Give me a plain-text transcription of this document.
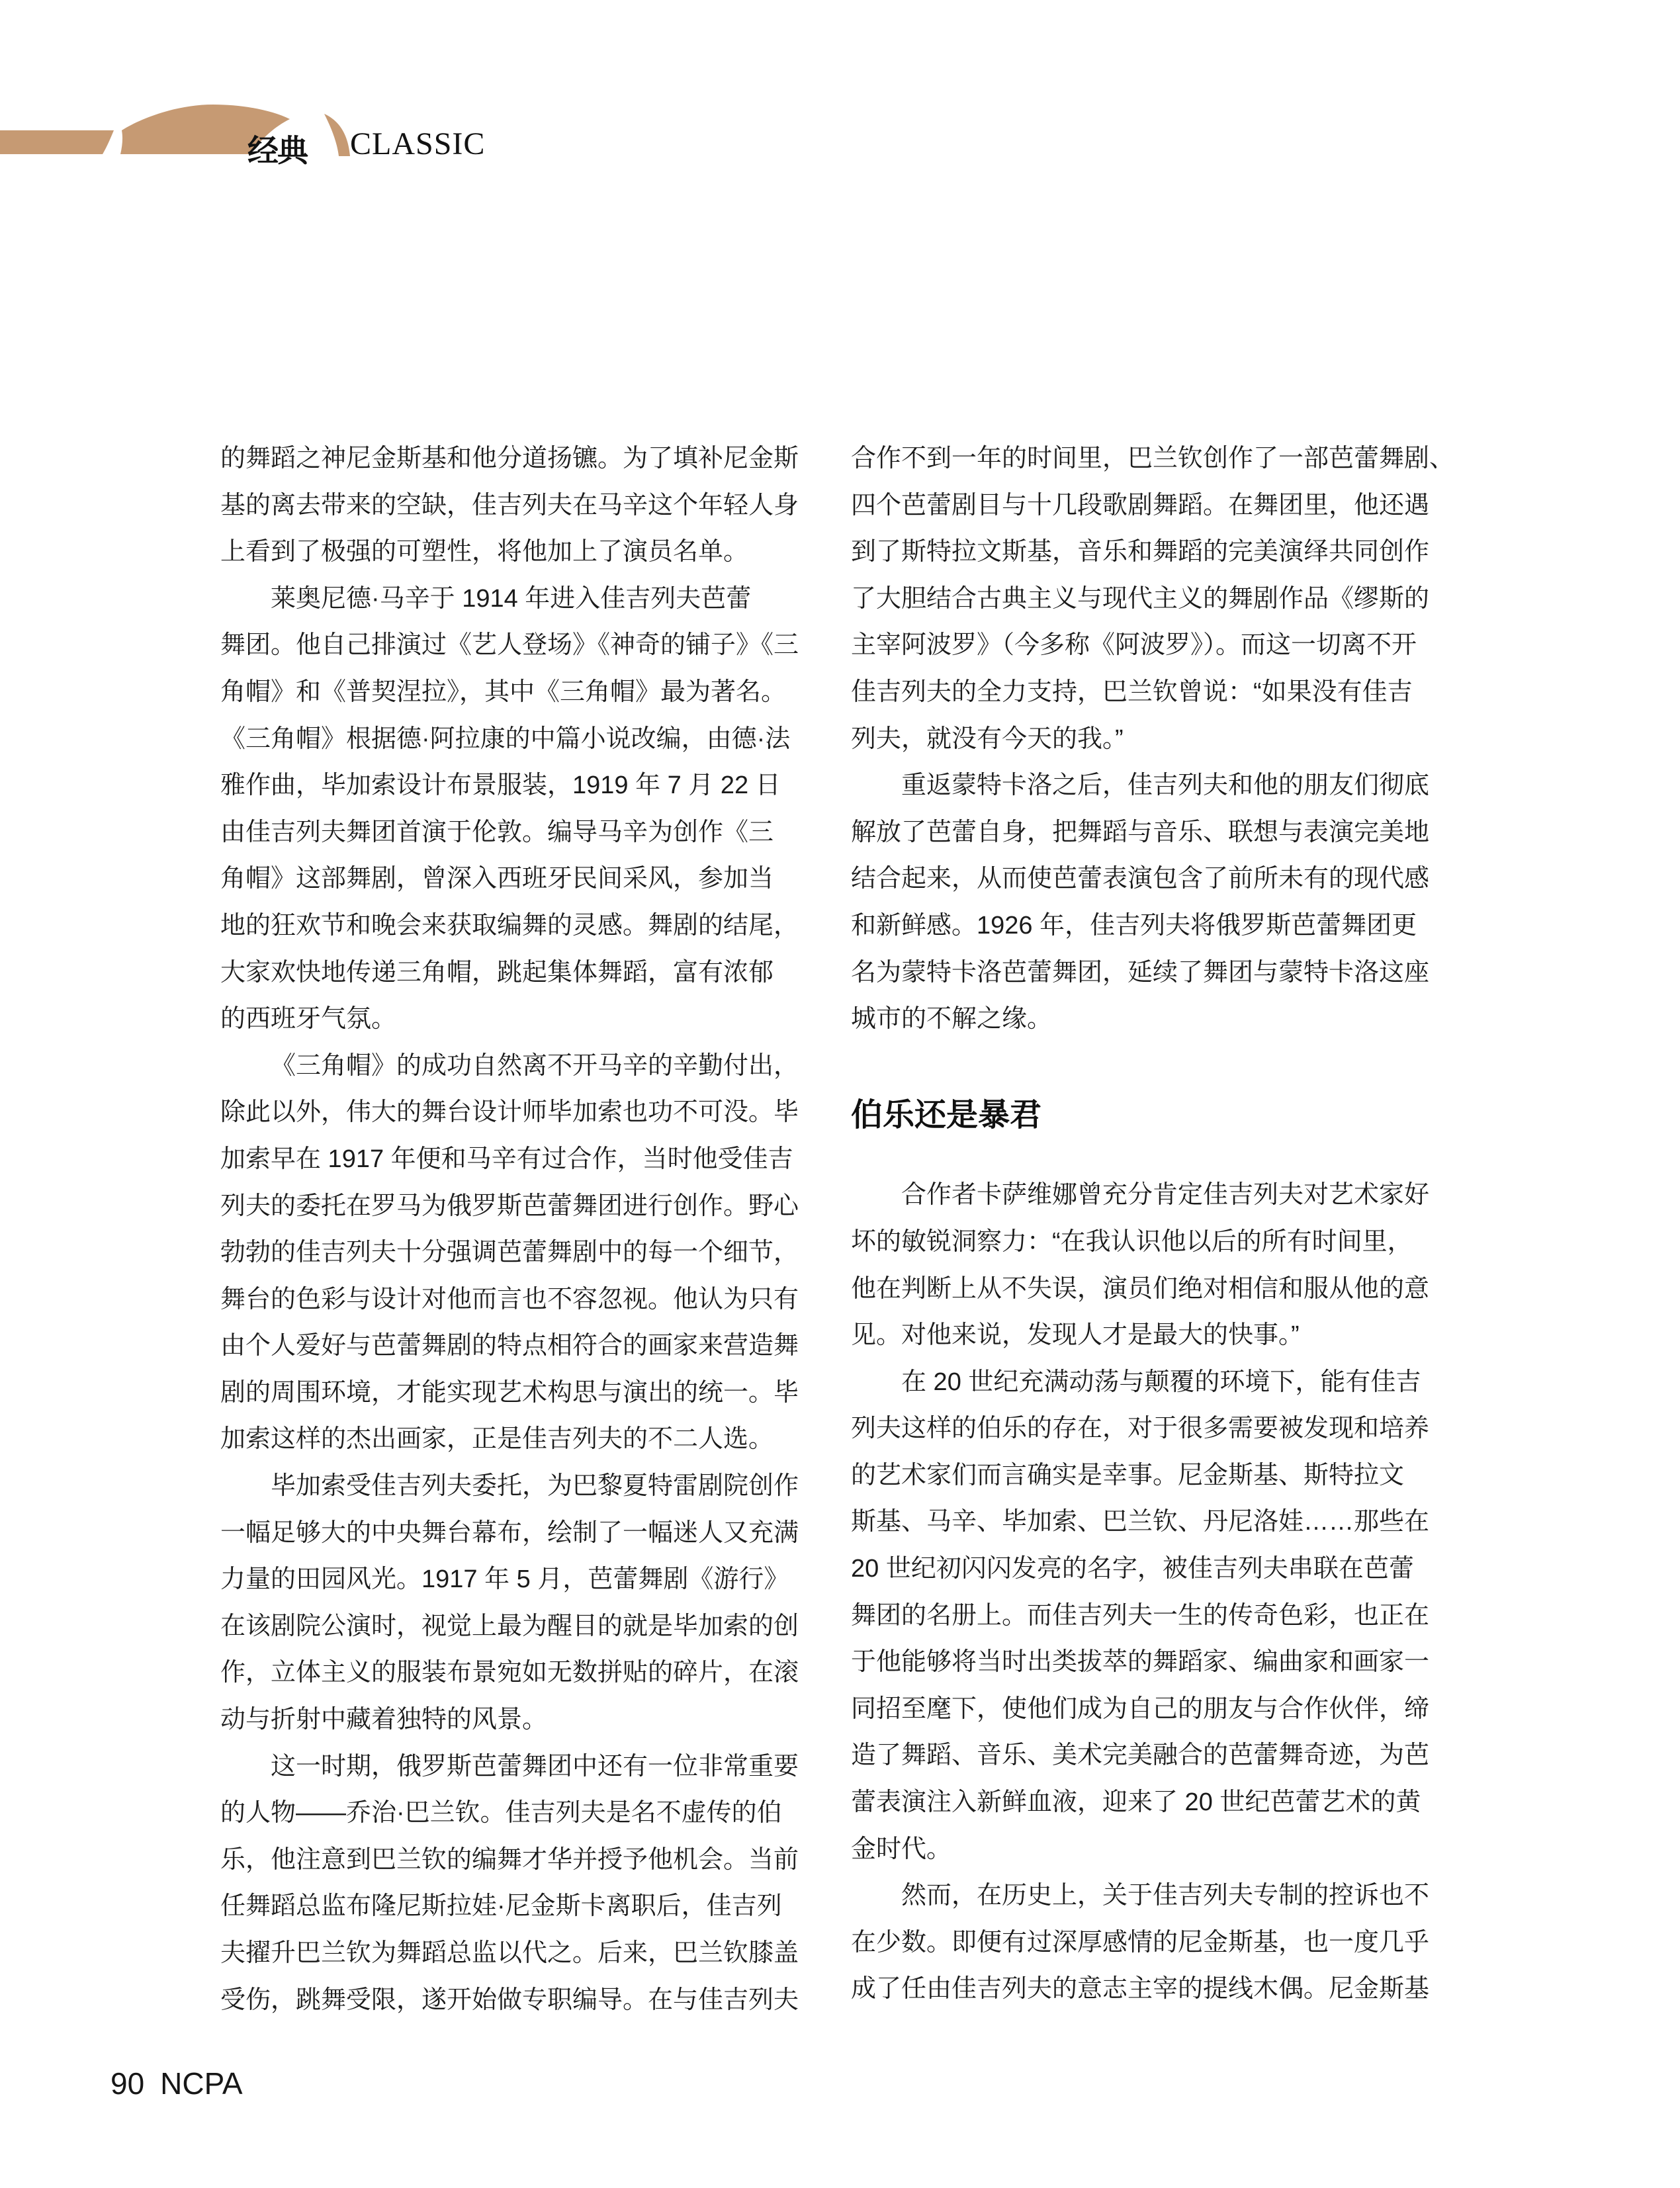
经典 CLASSIC
的舞蹈之神尼金斯基和他分道扬镳。为了填补尼金斯
基的离去带来的空缺，佳吉列夫在马辛这个年轻人身
上看到了极强的可塑性，将他加上了演员名单。
莱奥尼德·马辛于 1914 年进入佳吉列夫芭蕾
舞团。他自己排演过《艺人登场》《神奇的铺子》《三
角帽》和《普契涅拉》，其中《三角帽》最为著名。
《三角帽》根据德·阿拉康的中篇小说改编，由德·法
雅作曲，毕加索设计布景服装，1919 年 7 月 22 日
由佳吉列夫舞团首演于伦敦。编导马辛为创作《三
角帽》这部舞剧，曾深入西班牙民间采风，参加当
地的狂欢节和晚会来获取编舞的灵感。舞剧的结尾，
大家欢快地传递三角帽，跳起集体舞蹈，富有浓郁
的西班牙气氛。
《三角帽》的成功自然离不开马辛的辛勤付出，
除此以外，伟大的舞台设计师毕加索也功不可没。毕
加索早在 1917 年便和马辛有过合作，当时他受佳吉
列夫的委托在罗马为俄罗斯芭蕾舞团进行创作。野心
勃勃的佳吉列夫十分强调芭蕾舞剧中的每一个细节，
舞台的色彩与设计对他而言也不容忽视。他认为只有
由个人爱好与芭蕾舞剧的特点相符合的画家来营造舞
剧的周围环境，才能实现艺术构思与演出的统一。毕
加索这样的杰出画家，正是佳吉列夫的不二人选。
毕加索受佳吉列夫委托，为巴黎夏特雷剧院创作
一幅足够大的中央舞台幕布，绘制了一幅迷人又充满
力量的田园风光。1917 年 5 月，芭蕾舞剧《游行》
在该剧院公演时，视觉上最为醒目的就是毕加索的创
作，立体主义的服装布景宛如无数拼贴的碎片，在滚
动与折射中藏着独特的风景。
这一时期，俄罗斯芭蕾舞团中还有一位非常重要
的人物——乔治·巴兰钦。佳吉列夫是名不虚传的伯
乐，他注意到巴兰钦的编舞才华并授予他机会。当前
任舞蹈总监布隆尼斯拉娃·尼金斯卡离职后，佳吉列
夫擢升巴兰钦为舞蹈总监以代之。后来，巴兰钦膝盖
受伤，跳舞受限，遂开始做专职编导。在与佳吉列夫
合作不到一年的时间里，巴兰钦创作了一部芭蕾舞剧、
四个芭蕾剧目与十几段歌剧舞蹈。在舞团里，他还遇
到了斯特拉文斯基，音乐和舞蹈的完美演绎共同创作
了大胆结合古典主义与现代主义的舞剧作品《缪斯的
主宰阿波罗》（今多称《阿波罗》）。而这一切离不开
佳吉列夫的全力支持，巴兰钦曾说：“如果没有佳吉
列夫，就没有今天的我。”
重返蒙特卡洛之后，佳吉列夫和他的朋友们彻底
解放了芭蕾自身，把舞蹈与音乐、联想与表演完美地
结合起来，从而使芭蕾表演包含了前所未有的现代感
和新鲜感。1926 年，佳吉列夫将俄罗斯芭蕾舞团更
名为蒙特卡洛芭蕾舞团，延续了舞团与蒙特卡洛这座
城市的不解之缘。
伯乐还是暴君
合作者卡萨维娜曾充分肯定佳吉列夫对艺术家好
坏的敏锐洞察力：“在我认识他以后的所有时间里，
他在判断上从不失误，演员们绝对相信和服从他的意
见。对他来说，发现人才是最大的快事。”
在 20 世纪充满动荡与颠覆的环境下，能有佳吉
列夫这样的伯乐的存在，对于很多需要被发现和培养
的艺术家们而言确实是幸事。尼金斯基、斯特拉文
斯基、马辛、毕加索、巴兰钦、丹尼洛娃……那些在
20 世纪初闪闪发亮的名字，被佳吉列夫串联在芭蕾
舞团的名册上。而佳吉列夫一生的传奇色彩，也正在
于他能够将当时出类拔萃的舞蹈家、编曲家和画家一
同招至麾下，使他们成为自己的朋友与合作伙伴，缔
造了舞蹈、音乐、美术完美融合的芭蕾舞奇迹，为芭
蕾表演注入新鲜血液，迎来了 20 世纪芭蕾艺术的黄
金时代。
然而，在历史上，关于佳吉列夫专制的控诉也不
在少数。即便有过深厚感情的尼金斯基，也一度几乎
成了任由佳吉列夫的意志主宰的提线木偶。尼金斯基
90 NCPA
